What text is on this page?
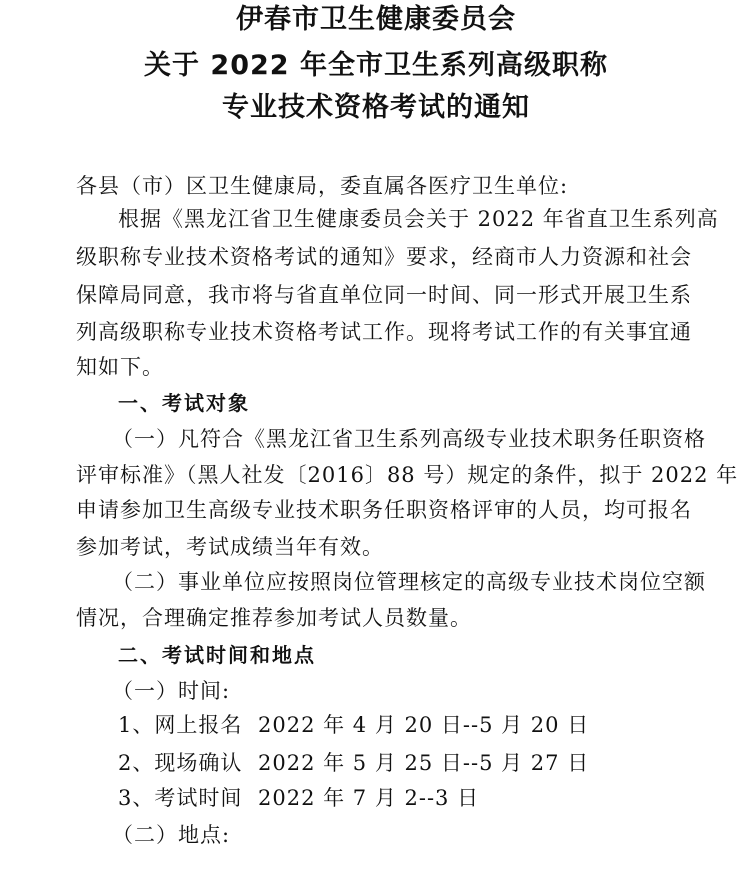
伊春市卫生健康委员会
关于 2022 年全市卫生系列高级职称
专业技术资格考试的通知
各县（市）区卫生健康局，委直属各医疗卫生单位:
根据《黑龙江省卫生健康委员会关于 2022 年省直卫生系列高
级职称专业技术资格考试的通知》要求，经商市人力资源和社会
保障局同意，我市将与省直单位同一时间、同一形式开展卫生系
列高级职称专业技术资格考试工作。现将考试工作的有关事宜通
知如下。
一、考试对象
（一）凡符合《黑龙江省卫生系列高级专业技术职务任职资格
评审标准》（黑人社发〔2016〕88 号）规定的条件，拟于 2022 年
申请参加卫生高级专业技术职务任职资格评审的人员，均可报名
参加考试，考试成绩当年有效。
（二）事业单位应按照岗位管理核定的高级专业技术岗位空额
情况，合理确定推荐参加考试人员数量。
二、考试时间和地点
（一）时间:
1、网上报名 2022 年 4 月 20 日--5 月 20 日
2、现场确认 2022 年 5 月 25 日--5 月 27 日
3、考试时间 2022 年 7 月 2--3 日
（二）地点:
